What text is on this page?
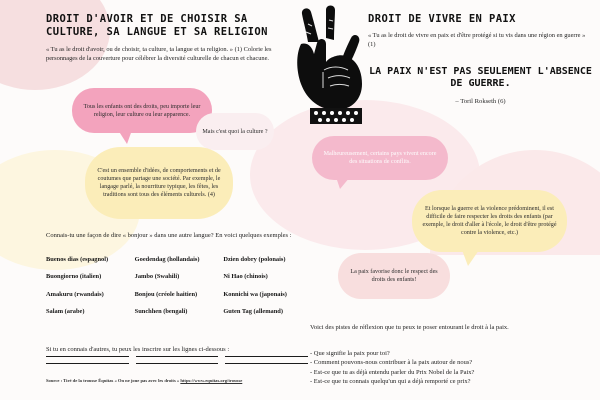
DROIT D'AVOIR ET DE CHOISIR SA CULTURE, SA LANGUE ET SA RELIGION
« Tu as le droit d'avoir, ou de choisir, ta culture, ta langue et ta religion. » (1) Colorie les personnages de la couverture pour célébrer la diversité culturelle de chacun et chacune.
DROIT DE VIVRE EN PAIX
« Tu as le droit de vivre en paix et d'être protégé si tu vis dans une région en guerre » (1)
LA PAIX N'EST PAS SEULEMENT L'ABSENCE DE GUERRE.
– Toril Rokseth (6)
Tous les enfants ont des droits, peu importe leur religion, leur culture ou leur apparence.
Mais c'est quoi la culture ?
C'est un ensemble d'idées, de comportements et de coutumes que partage une société. Par exemple, le langage parlé, la nourriture typique, les fêtes, les traditions sont tous des éléments culturels. (4)
Malheureusement, certains pays vivent encore des situations de conflits.
Et lorsque la guerre et la violence prédominent, il est difficile de faire respecter les droits des enfants (par exemple, le droit d'aller à l'école, le droit d'être protégé contre la violence, etc.)
La paix favorise donc le respect des droits des enfants!
Connais-tu une façon de dire « bonjour » dans une autre langue? En voici quelques exemples :
Buenos dias (espagnol)	Goedendag (hollandais)	Dzien dobry (polonais)
Buongiorno (italien)	Jambo (Swahili)	Ni Hao (chinois)
Amakuru (rwandais)	Bonjou (créole haitien)	Konnichi wa (japonais)
Salam (arabe)	Sunchhen (bengali)	Guten Tag (allemand)
Si tu en connais d'autres, tu peux les inscrire sur les lignes ci-dessous :
Source : Tiré de la trousse Équitas « On ne joue pas avec les droits » https://www.equitas.org/trousse
Voici des pistes de réflexion que tu peux te poser entourant le droit à la paix.
- Que signifie la paix pour toi?
- Comment pouvons-nous contribuer à la paix autour de nous?
- Est-ce que tu as déjà entendu parler du Prix Nobel de la Paix?
- Est-ce que tu connais quelqu'un qui a déjà remporté ce prix?
